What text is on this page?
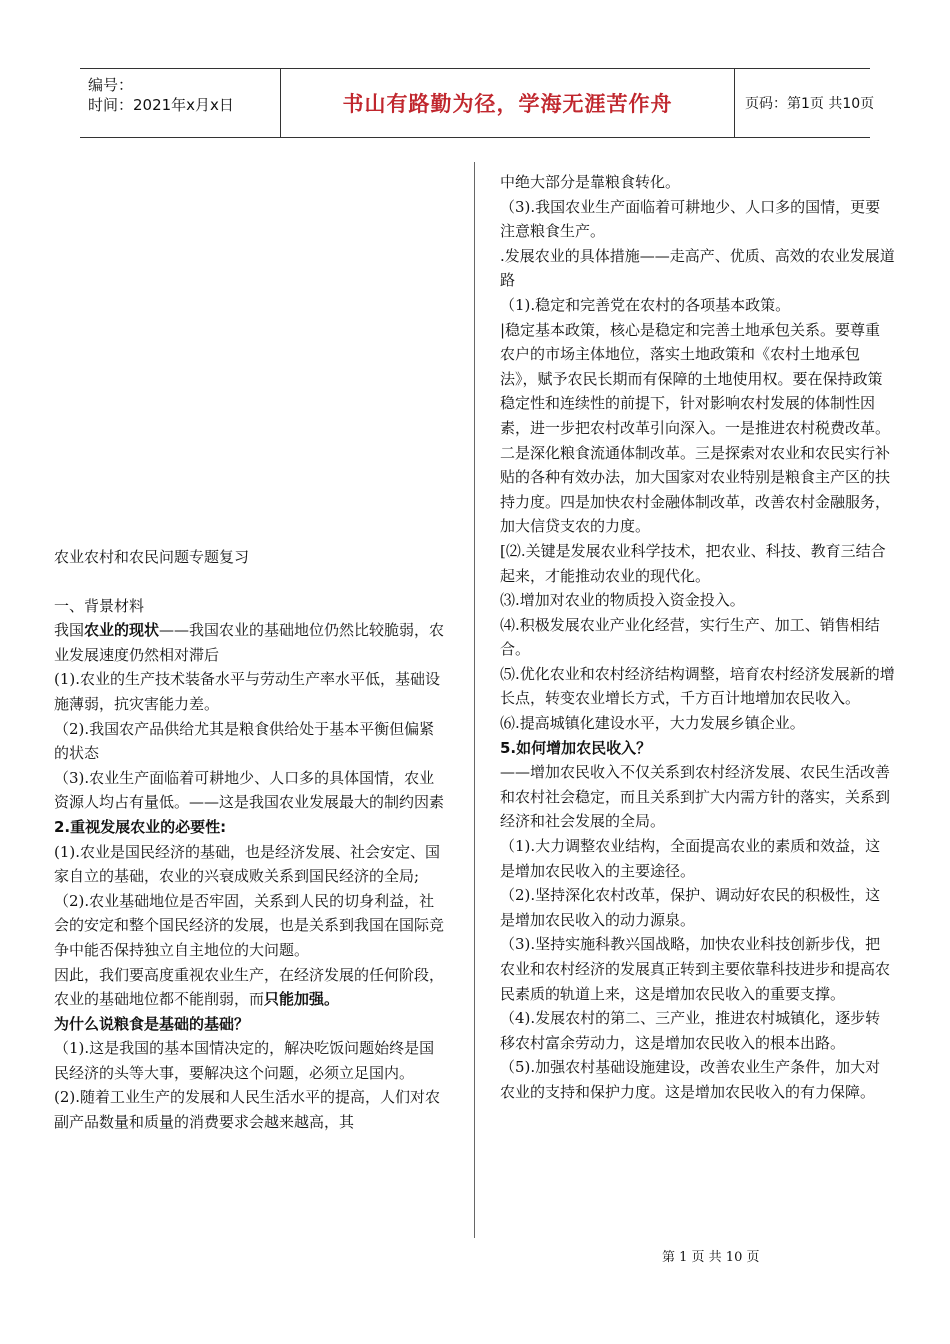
编号：
时间：2021年x月x日	书山有路勤为径，学海无涯苦作舟	页码：第1页 共10页

农业农村和农民问题专题复习

一、背景材料

我国农业的现状——我国农业的基础地位仍然比较脆弱，农业发展速度仍然相对滞后

(1).农业的生产技术装备水平与劳动生产率水平低，基础设施薄弱，抗灾害能力差。

（2).我国农产品供给尤其是粮食供给处于基本平衡但偏紧的状态

（3).农业生产面临着可耕地少、人口多的具体国情，农业资源人均占有量低。——这是我国农业发展最大的制约因素

2.重视发展农业的必要性:

(1).农业是国民经济的基础，也是经济发展、社会安定、国家自立的基础，农业的兴衰成败关系到国民经济的全局;

（2).农业基础地位是否牢固，关系到人民的切身利益，社会的安定和整个国民经济的发展，也是关系到我国在国际竞争中能否保持独立自主地位的大问题。

因此，我们要高度重视农业生产，在经济发展的任何阶段，农业的基础地位都不能削弱，而只能加强。

为什么说粮食是基础的基础？

（1).这是我国的基本国情决定的，解决吃饭问题始终是国民经济的头等大事，要解决这个问题，必须立足国内。

(2).随着工业生产的发展和人民生活水平的提高，人们对农副产品数量和质量的消费要求会越来越高，其

中绝大部分是靠粮食转化。

（3).我国农业生产面临着可耕地少、人口多的国情，更要注意粮食生产。

.发展农业的具体措施——走高产、优质、高效的农业发展道路

（1).稳定和完善党在农村的各项基本政策。

|稳定基本政策，核心是稳定和完善土地承包关系。要尊重农户的市场主体地位，落实土地政策和《农村土地承包法》，赋予农民长期而有保障的土地使用权。要在保持政策稳定性和连续性的前提下，针对影响农村发展的体制性因素，进一步把农村改革引向深入。一是推进农村税费改革。二是深化粮食流通体制改革。三是探索对农业和农民实行补贴的各种有效办法，加大国家对农业特别是粮食主产区的扶持力度。四是加快农村金融体制改革，改善农村金融服务，加大信贷支农的力度。

[⑵.关键是发展农业科学技术，把农业、科技、教育三结合起来，才能推动农业的现代化。

⑶.增加对农业的物质投入资金投入。

⑷.积极发展农业产业化经营，实行生产、加工、销售相结合。

⑸.优化农业和农村经济结构调整，培育农村经济发展新的增长点，转变农业增长方式，千方百计地增加农民收入。

⑹.提高城镇化建设水平，大力发展乡镇企业。

5.如何增加农民收入？

——增加农民收入不仅关系到农村经济发展、农民生活改善和农村社会稳定，而且关系到扩大内需方针的落实，关系到经济和社会发展的全局。

（1).大力调整农业结构，全面提高农业的素质和效益，这是增加农民收入的主要途径。

（2).坚持深化农村改革，保护、调动好农民的积极性，这是增加农民收入的动力源泉。

（3).坚持实施科教兴国战略，加快农业科技创新步伐，把农业和农村经济的发展真正转到主要依靠科技进步和提高农民素质的轨道上来，这是增加农民收入的重要支撑。

（4).发展农村的第二、三产业，推进农村城镇化，逐步转移农村富余劳动力，这是增加农民收入的根本出路。

（5).加强农村基础设施建设，改善农业生产条件，加大对农业的支持和保护力度。这是增加农民收入的有力保障。

第 1 页 共 10 页
